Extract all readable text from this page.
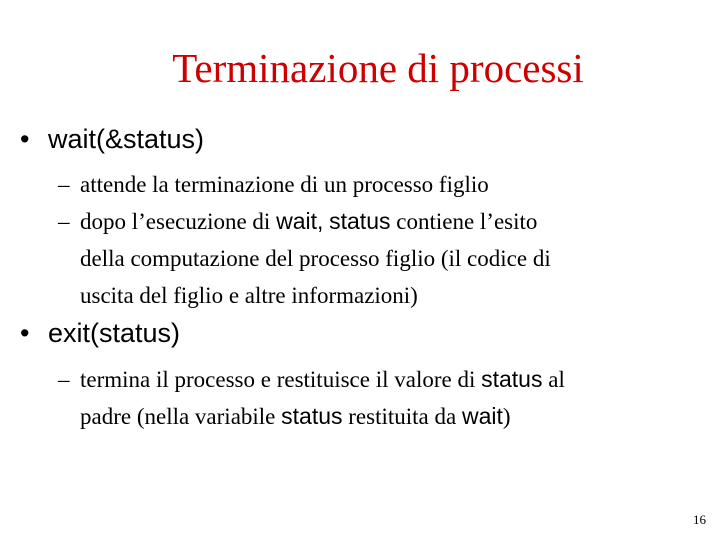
Terminazione di processi
• wait(&status)
– attende la terminazione di un processo figlio
– dopo l’esecuzione di wait, status contiene l’esito
della computazione del processo figlio (il codice di
uscita del figlio e altre informazioni)
• exit(status)
– termina il processo e restituisce il valore di status al
padre (nella variabile status restituita da wait)
16
